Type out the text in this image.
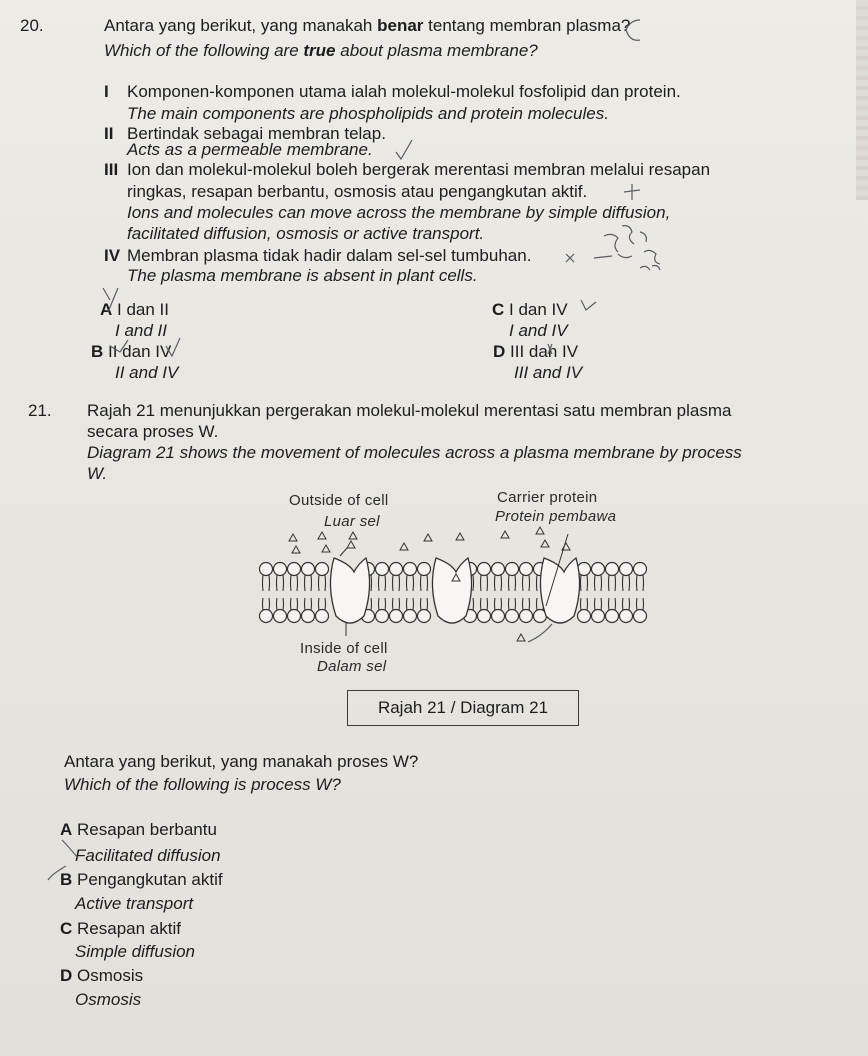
20.	Antara yang berikut, yang manakah benar tentang membran plasma?
Which of the following are true about plasma membrane?
I Komponen-komponen utama ialah molekul-molekul fosfolipid dan protein.
The main components are phospholipids and protein molecules.
II Bertindak sebagai membran telap.
Acts as a permeable membrane.
III Ion dan molekul-molekul boleh bergerak merentasi membran melalui resapan
ringkas, resapan berbantu, osmosis atau pengangkutan aktif.
Ions and molecules can move across the membrane by simple diffusion,
facilitated diffusion, osmosis or active transport.
IV Membran plasma tidak hadir dalam sel-sel tumbuhan.
The plasma membrane is absent in plant cells.
A I dan II
I and II
B II dan IV
II and IV
C I dan IV
I and IV
D III dan IV
III and IV
21. Rajah 21 menunjukkan pergerakan molekul-molekul merentasi satu membran plasma
secara proses W.
Diagram 21 shows the movement of molecules across a plasma membrane by process
W.
Outside of cell
Luar sel
Carrier protein
Protein pembawa
Inside of cell
Dalam sel
Rajah 21 / Diagram 21
Antara yang berikut, yang manakah proses W?
Which of the following is process W?
A Resapan berbantu
Facilitated diffusion
B Pengangkutan aktif
Active transport
C Resapan aktif
Simple diffusion
D Osmosis
Osmosis
